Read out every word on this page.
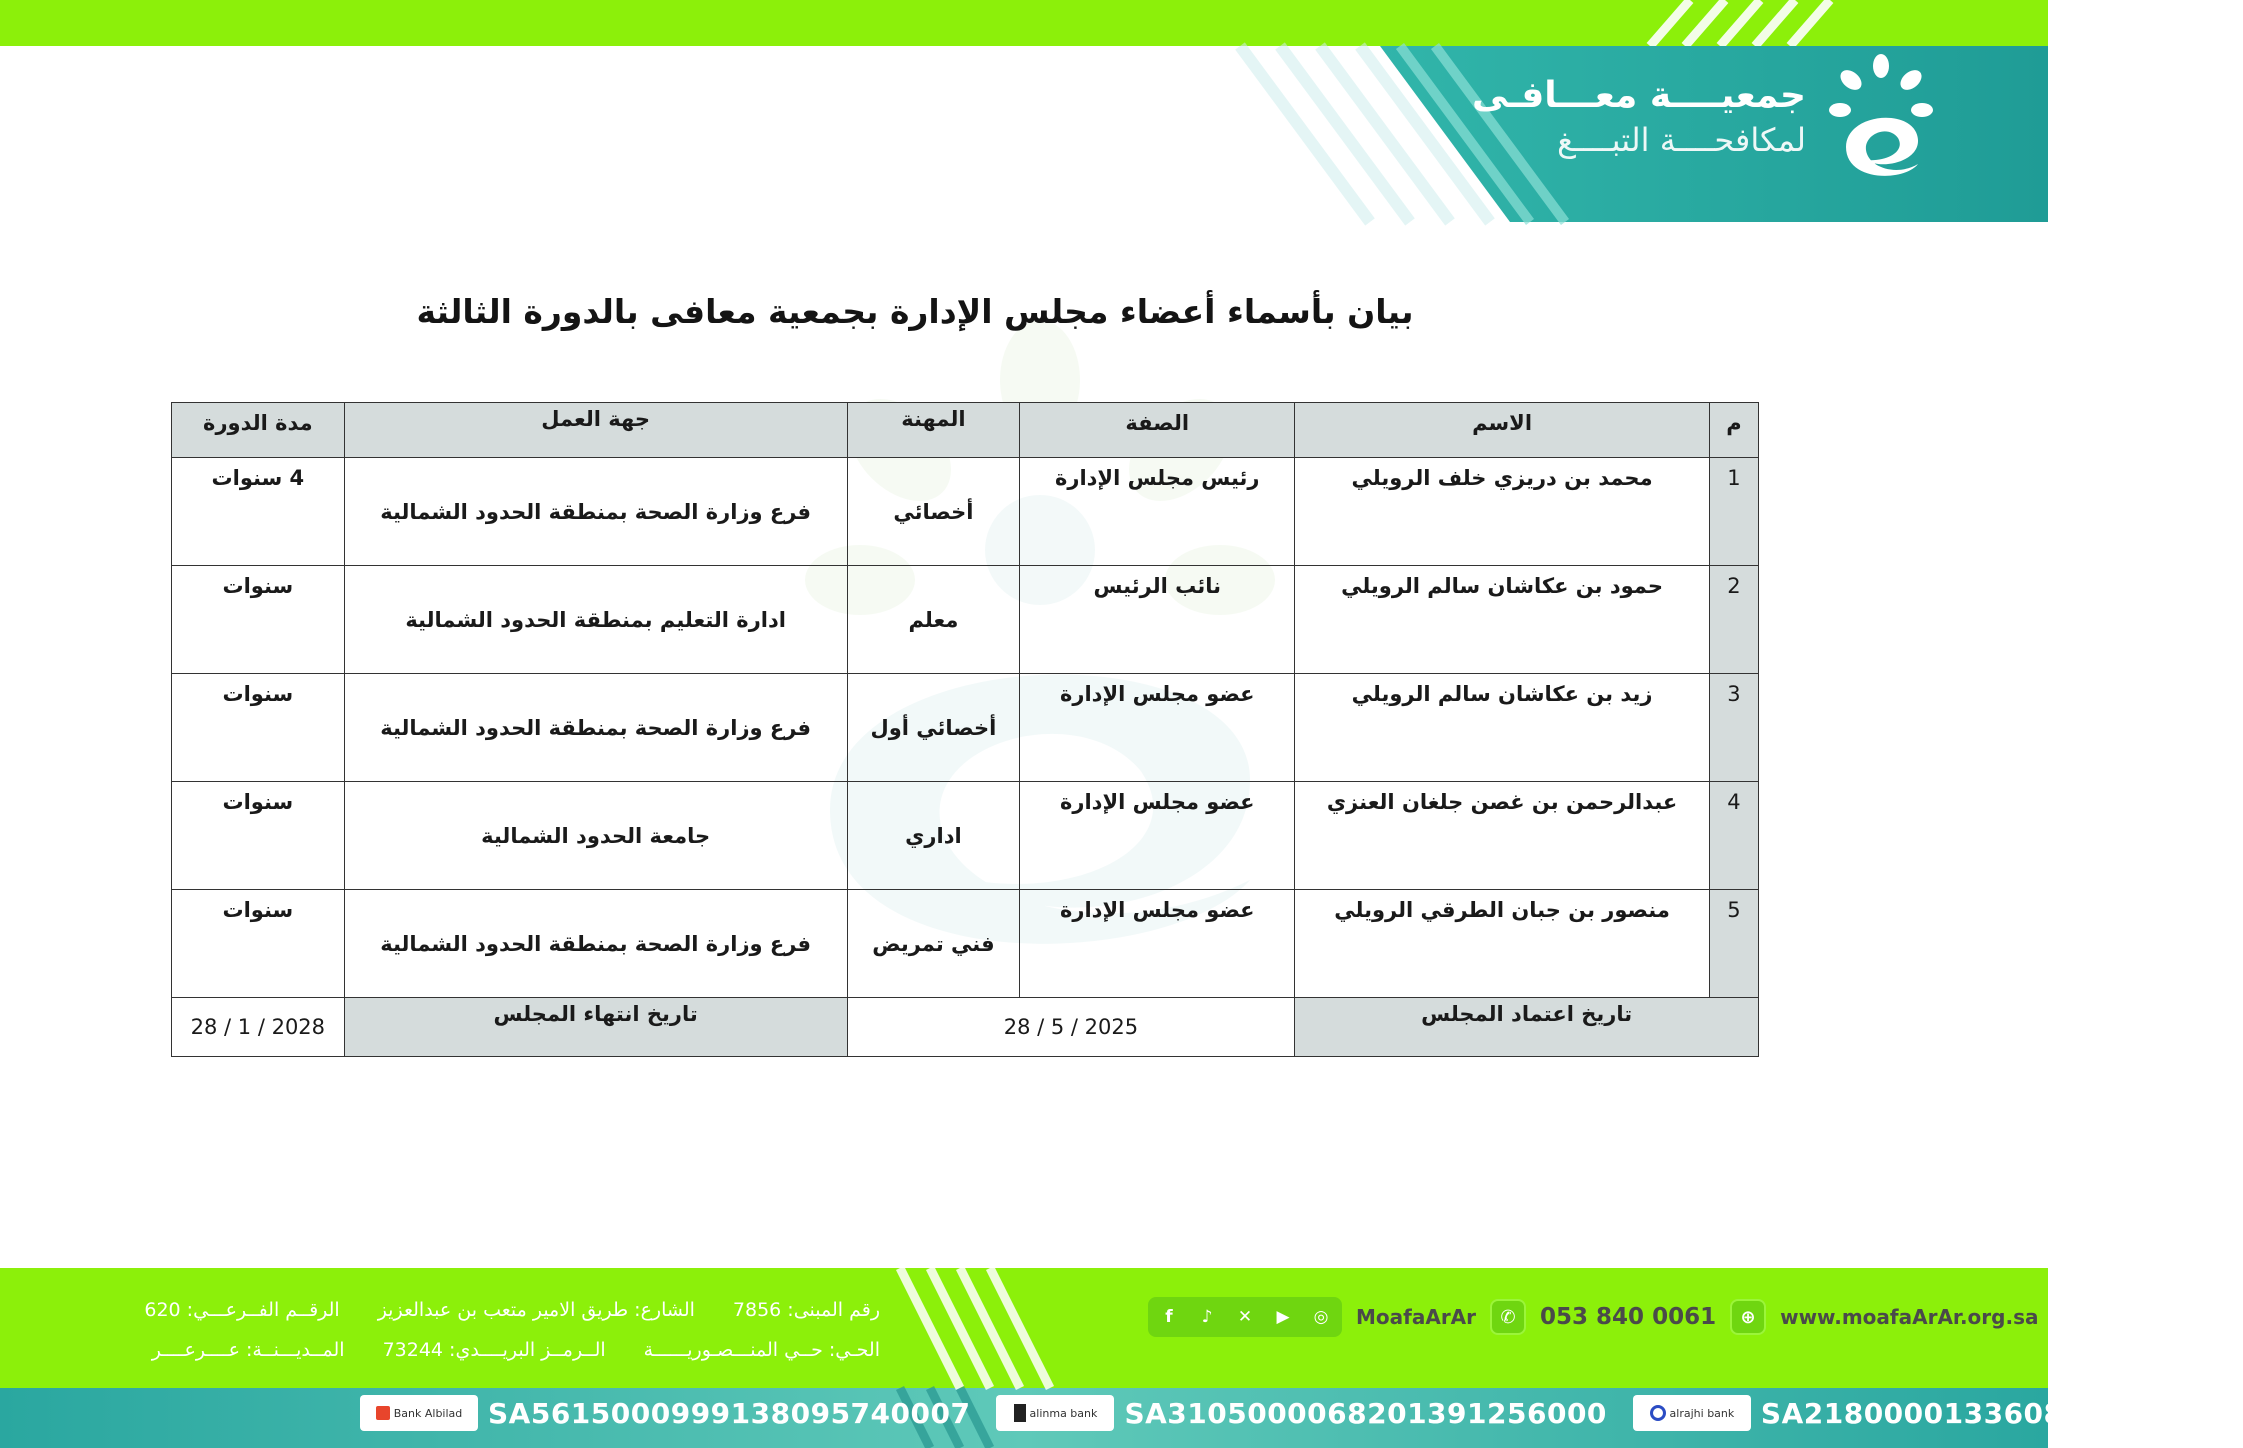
جمعيــــة معـــافـى
لمكافحــــة التبــــغ
بيان بأسماء أعضاء مجلس الإدارة بجمعية معافى بالدورة الثالثة
م	الاسم	الصفة	المهنة	جهة العمل	مدة الدورة
1	محمد بن دريزي خلف الرويلي	رئيس مجلس الإدارة	أخصائي	فرع وزارة الصحة بمنطقة الحدود الشمالية	4 سنوات
2	حمود بن عكاشان سالم الرويلي	نائب الرئيس	معلم	ادارة التعليم بمنطقة الحدود الشمالية	سنوات
3	زيد بن عكاشان سالم الرويلي	عضو مجلس الإدارة	أخصائي أول	فرع وزارة الصحة بمنطقة الحدود الشمالية	سنوات
4	عبدالرحمن بن غصن جلغان العنزي	عضو مجلس الإدارة	اداري	جامعة الحدود الشمالية	سنوات
5	منصور بن جبان الطرقي الرويلي	عضو مجلس الإدارة	فني تمريض	فرع وزارة الصحة بمنطقة الحدود الشمالية	سنوات
تاريخ اعتماد المجلس		28 / 5 / 2025		تاريخ انتهاء المجلس	28 / 1 / 2028
رقم المبنى: 7856
الشارع: طريق الامير متعب بن عبدالعزيز
الرقــم الفــرعـــي: 620
الحـي: حــي المنـــصـوريــــــة
الــرمــز البريــــدي: 73244
المــديـــنــة: عــــرعــــر
f	♪	✕	▶	◎	MoafaArAr	✆	053 840 0061	⊕	www.moafaArAr.org.sa
Bank Albilad SA5615000999138095740007	alinma bank SA3105000068201391256000	alrajhi bank SA2180000133608011498854
